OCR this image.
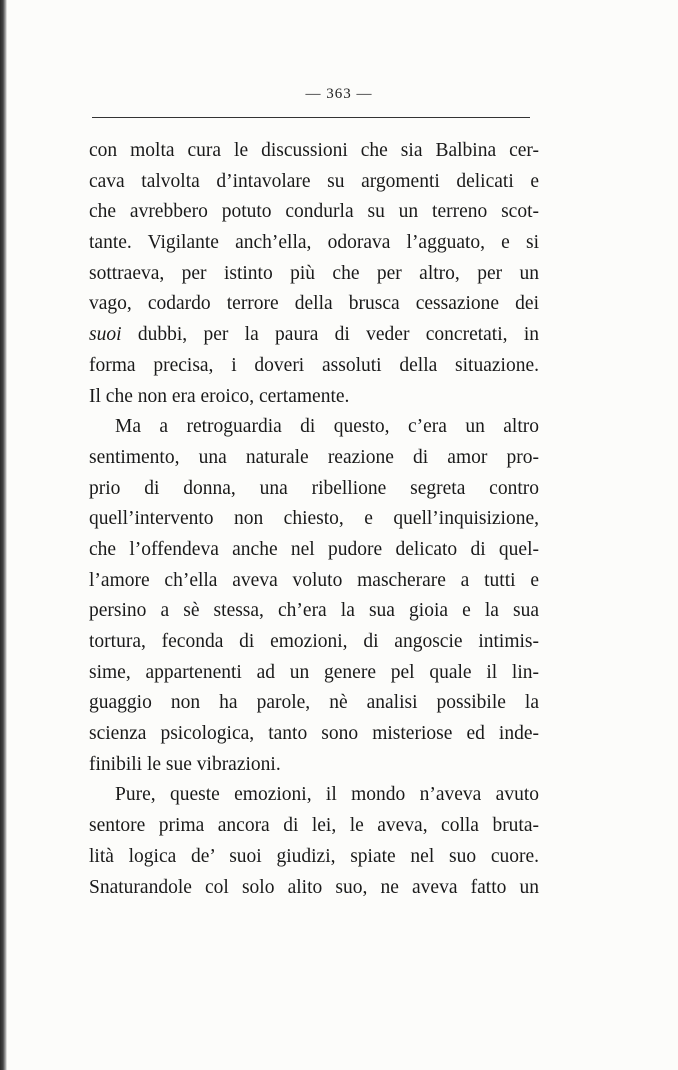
— 363 —
con molta cura le discussioni che sia Balbina cer-
cava talvolta d’intavolare su argomenti delicati e
che avrebbero potuto condurla su un terreno scot-
tante. Vigilante anch’ella, odorava l’agguato, e si
sottraeva, per istinto più che per altro, per un
vago, codardo terrore della brusca cessazione dei
suoi dubbi, per la paura di veder concretati, in
forma precisa, i doveri assoluti della situazione.
Il che non era eroico, certamente.
Ma a retroguardia di questo, c’era un altro
sentimento, una naturale reazione di amor pro-
prio di donna, una ribellione segreta contro
quell’intervento non chiesto, e quell’inquisizione,
che l’offendeva anche nel pudore delicato di quel-
l’amore ch’ella aveva voluto mascherare a tutti e
persino a sè stessa, ch’era la sua gioia e la sua
tortura, feconda di emozioni, di angoscie intimis-
sime, appartenenti ad un genere pel quale il lin-
guaggio non ha parole, nè analisi possibile la
scienza psicologica, tanto sono misteriose ed inde-
finibili le sue vibrazioni.
Pure, queste emozioni, il mondo n’aveva avuto
sentore prima ancora di lei, le aveva, colla bruta-
lità logica de’ suoi giudizi, spiate nel suo cuore.
Snaturandole col solo alito suo, ne aveva fatto un
